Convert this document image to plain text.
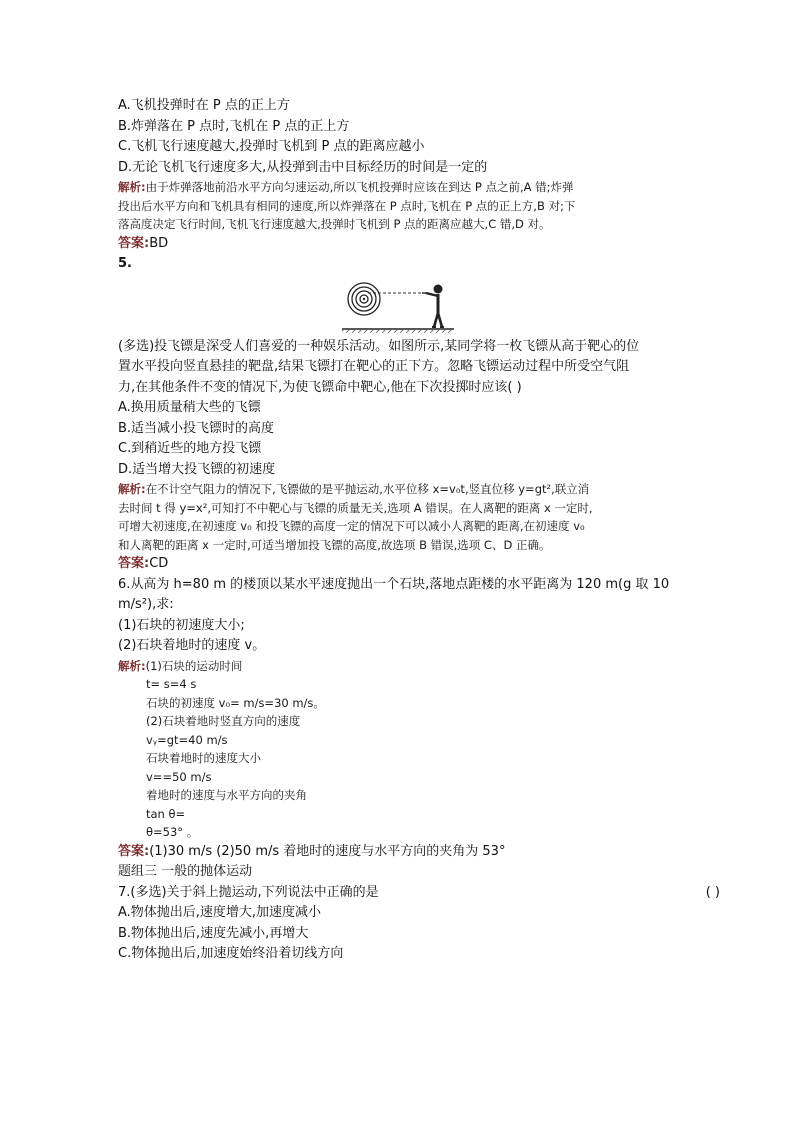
A.飞机投弹时在 P 点的正上方
B.炸弹落在 P 点时,飞机在 P 点的正上方
C.飞机飞行速度越大,投弹时飞机到 P 点的距离应越小
D.无论飞机飞行速度多大,从投弹到击中目标经历的时间是一定的
解析:由于炸弹落地前沿水平方向匀速运动,所以飞机投弹时应该在到达 P 点之前,A 错;炸弹
投出后水平方向和飞机具有相同的速度,所以炸弹落在 P 点时,飞机在 P 点的正上方,B 对;下
落高度决定飞行时间,飞机飞行速度越大,投弹时飞机到 P 点的距离应越大,C 错,D 对。
答案:BD
5.
(多选)投飞镖是深受人们喜爱的一种娱乐活动。如图所示,某同学将一枚飞镖从高于靶心的位
置水平投向竖直悬挂的靶盘,结果飞镖打在靶心的正下方。忽略飞镖运动过程中所受空气阻
力,在其他条件不变的情况下,为使飞镖命中靶心,他在下次投掷时应该( )
A.换用质量稍大些的飞镖
B.适当减小投飞镖时的高度
C.到稍近些的地方投飞镖
D.适当增大投飞镖的初速度
解析:在不计空气阻力的情况下,飞镖做的是平抛运动,水平位移 x=v₀t,竖直位移 y=gt²,联立消
去时间 t 得 y=x²,可知打不中靶心与飞镖的质量无关,选项 A 错误。在人离靶的距离 x 一定时,
可增大初速度,在初速度 v₀ 和投飞镖的高度一定的情况下可以减小人离靶的距离,在初速度 v₀
和人离靶的距离 x 一定时,可适当增加投飞镖的高度,故选项 B 错误,选项 C、D 正确。
答案:CD
6.从高为 h=80 m 的楼顶以某水平速度抛出一个石块,落地点距楼的水平距离为 120 m(g 取 10
m/s²),求:
(1)石块的初速度大小;
(2)石块着地时的速度 v。
解析:(1)石块的运动时间
t= s=4 s
石块的初速度 v₀= m/s=30 m/s。
(2)石块着地时竖直方向的速度
vᵧ=gt=40 m/s
石块着地时的速度大小
v==50 m/s
着地时的速度与水平方向的夹角
tan θ=
θ=53° 。
答案:(1)30 m/s (2)50 m/s 着地时的速度与水平方向的夹角为 53°
题组三 一般的抛体运动
7.(多选)关于斜上抛运动,下列说法中正确的是	( )
A.物体抛出后,速度增大,加速度减小
B.物体抛出后,速度先减小,再增大
C.物体抛出后,加速度始终沿着切线方向
